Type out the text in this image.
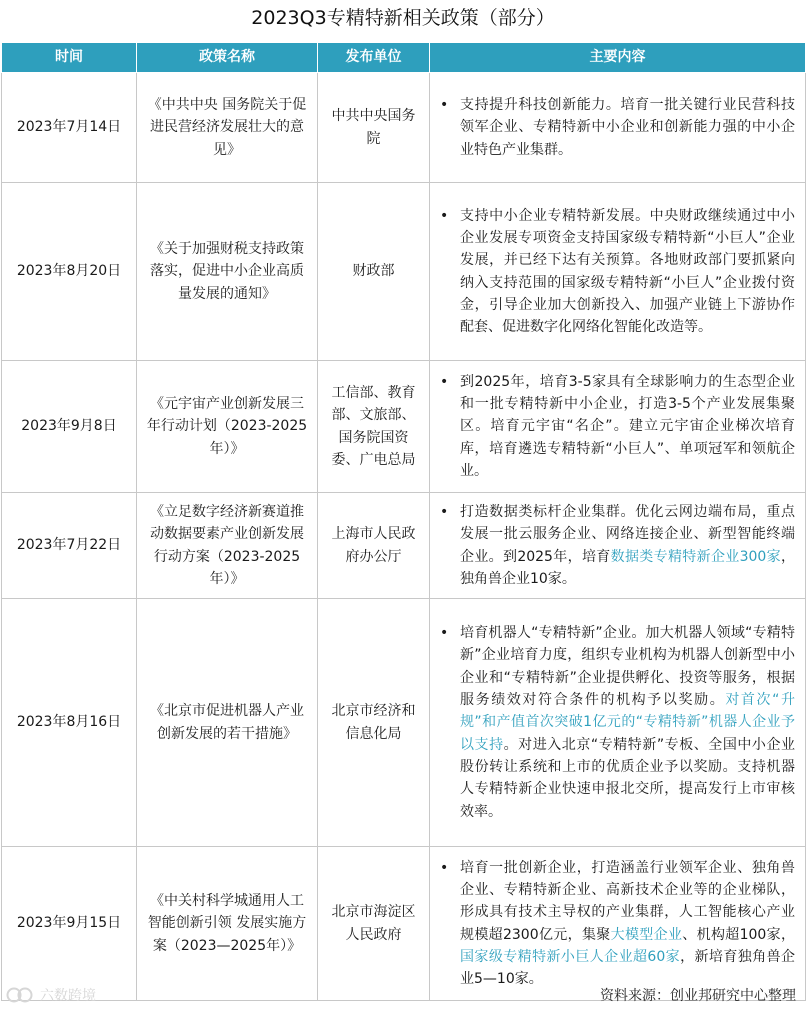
2023Q3专精特新相关政策（部分）
时间	政策名称	发布单位	主要内容
2023年7月14日	《中共中央 国务院关于促进民营经济发展壮大的意见》	中共中央国务院	• 支持提升科技创新能力。培育一批关键行业民营科技领军企业、专精特新中小企业和创新能力强的中小企业特色产业集群。

2023年8月20日	《关于加强财税支持政策落实，促进中小企业高质量发展的通知》	财政部	• 支持中小企业专精特新发展。中央财政继续通过中小企业发展专项资金支持国家级专精特新“小巨人”企业发展，并已经下达有关预算。各地财政部门要抓紧向纳入支持范围的国家级专精特新“小巨人”企业拨付资金，引导企业加大创新投入、加强产业链上下游协作配套、促进数字化网络化智能化改造等。

2023年9月8日	《元宇宙产业创新发展三年行动计划（2023-2025年）》	工信部、教育部、文旅部、国务院国资委、广电总局	• 到2025年，培育3-5家具有全球影响力的生态型企业和一批专精特新中小企业，打造3-5个产业发展集聚区。培育元宇宙“名企”。建立元宇宙企业梯次培育库，培育遴选专精特新“小巨人”、单项冠军和领航企业。

2023年7月22日	《立足数字经济新赛道推动数据要素产业创新发展行动方案（2023-2025年）》	上海市人民政府办公厅	• 打造数据类标杆企业集群。优化云网边端布局，重点发展一批云服务企业、网络连接企业、新型智能终端企业。到2025年，培育数据类专精特新企业300家，独角兽企业10家。

2023年8月16日	《北京市促进机器人产业创新发展的若干措施》	北京市经济和信息化局	• 培育机器人“专精特新”企业。加大机器人领域“专精特新”企业培育力度，组织专业机构为机器人创新型中小企业和“专精特新”企业提供孵化、投资等服务，根据服务绩效对符合条件的机构予以奖励。对首次“升规”和产值首次突破1亿元的“专精特新”机器人企业予以支持。对进入北京“专精特新”专板、全国中小企业股份转让系统和上市的优质企业予以奖励。支持机器人专精特新企业快速申报北交所，提高发行上市审核效率。

2023年9月15日	《中关村科学城通用人工智能创新引领 发展实施方案（2023—2025年）》	北京市海淀区人民政府	• 培育一批创新企业，打造涵盖行业领军企业、独角兽企业、专精特新企业、高新技术企业等的企业梯队，形成具有技术主导权的产业集群，人工智能核心产业规模超2300亿元，集聚大模型企业、机构超100家，国家级专精特新小巨人企业超60家，新培育独角兽企业5—10家。
六数跨境	资料来源：创业邦研究中心整理
